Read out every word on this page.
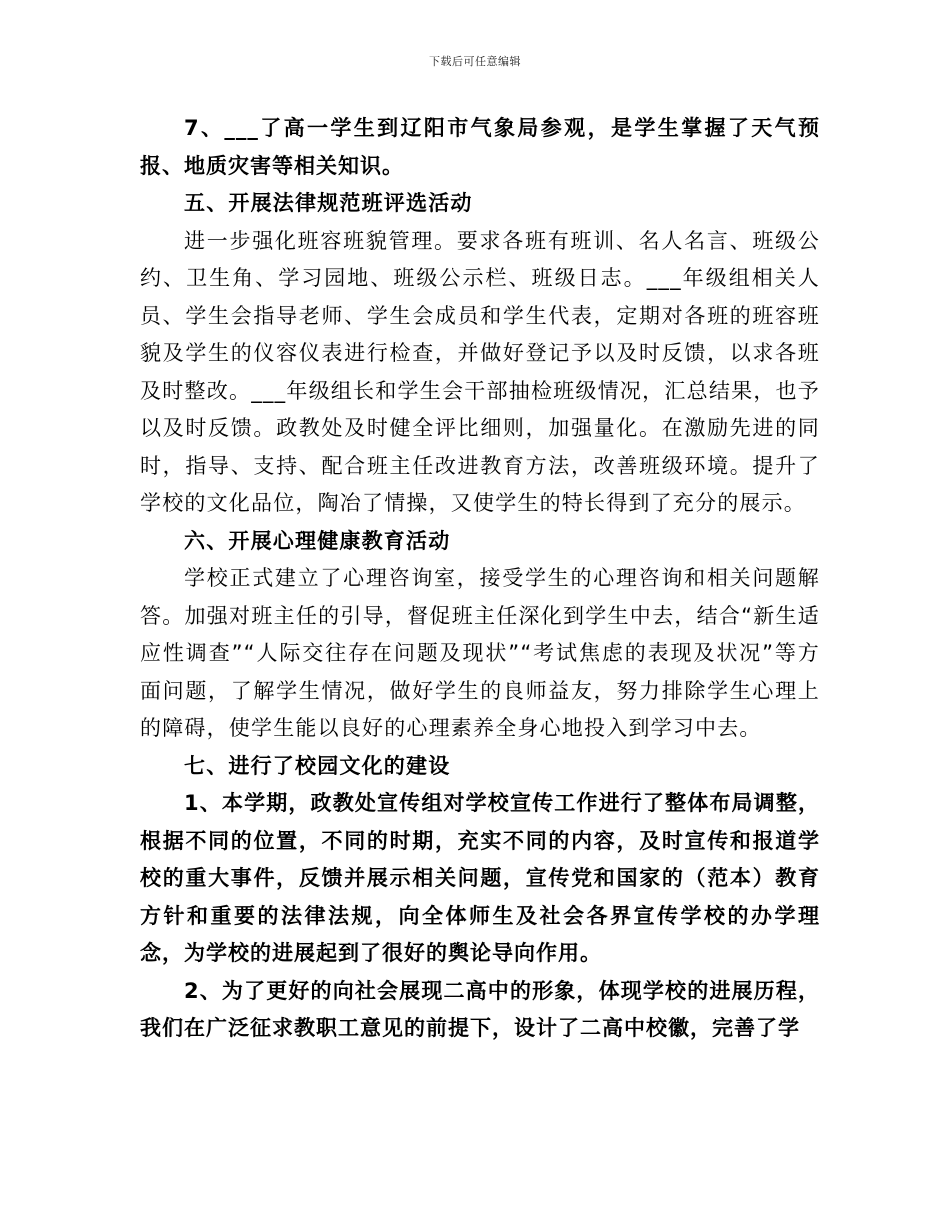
下载后可任意编辑

7、___了高一学生到辽阳市气象局参观，是学生掌握了天气预报、地质灾害等相关知识。

五、开展法律规范班评选活动

进一步强化班容班貌管理。要求各班有班训、名人名言、班级公约、卫生角、学习园地、班级公示栏、班级日志。___年级组相关人员、学生会指导老师、学生会成员和学生代表，定期对各班的班容班貌及学生的仪容仪表进行检查，并做好登记予以及时反馈，以求各班及时整改。___年级组长和学生会干部抽检班级情况，汇总结果，也予以及时反馈。政教处及时健全评比细则，加强量化。在激励先进的同时，指导、支持、配合班主任改进教育方法，改善班级环境。提升了学校的文化品位，陶冶了情操，又使学生的特长得到了充分的展示。

六、开展心理健康教育活动

学校正式建立了心理咨询室，接受学生的心理咨询和相关问题解答。加强对班主任的引导，督促班主任深化到学生中去，结合“新生适应性调查”“人际交往存在问题及现状”“考试焦虑的表现及状况”等方面问题，了解学生情况，做好学生的良师益友，努力排除学生心理上的障碍，使学生能以良好的心理素养全身心地投入到学习中去。

七、进行了校园文化的建设

1、本学期，政教处宣传组对学校宣传工作进行了整体布局调整，根据不同的位置，不同的时期，充实不同的内容，及时宣传和报道学校的重大事件，反馈并展示相关问题，宣传党和国家的（范本）教育方针和重要的法律法规，向全体师生及社会各界宣传学校的办学理念，为学校的进展起到了很好的舆论导向作用。

2、为了更好的向社会展现二高中的形象，体现学校的进展历程，我们在广泛征求教职工意见的前提下，设计了二高中校徽，完善了学
